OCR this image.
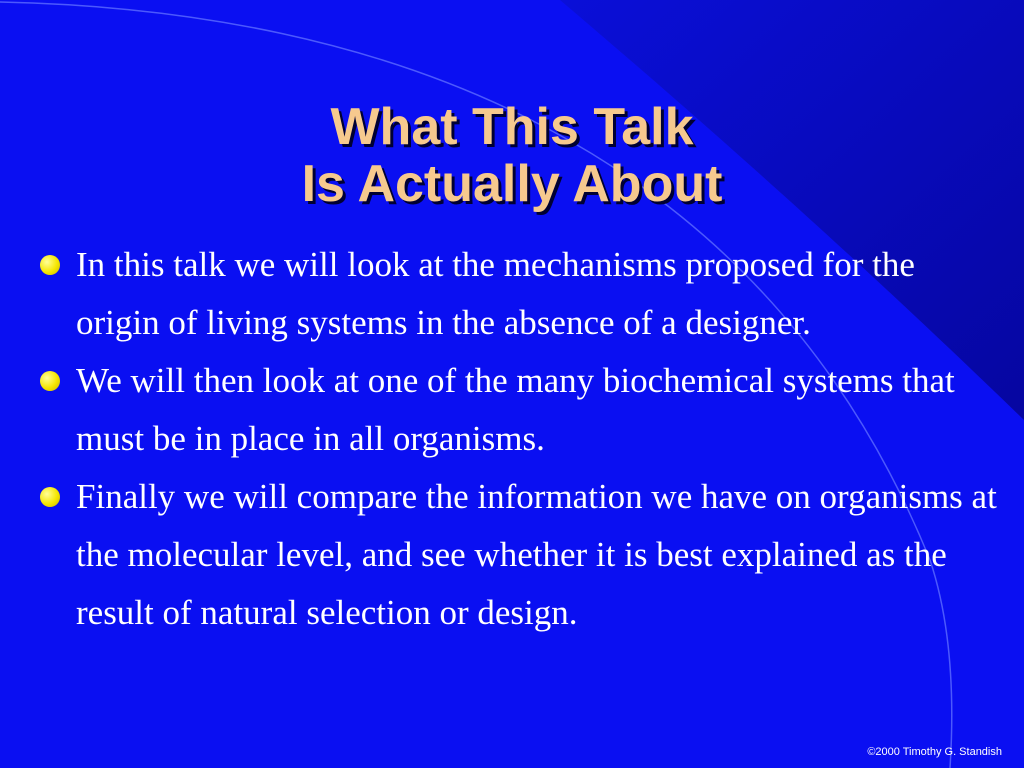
What This Talk
Is Actually About
In this talk we will look at the mechanisms proposed for the origin of living systems in the absence of a designer.
We will then look at one of the many biochemical systems that must be in place in all organisms.
Finally we will compare the information we have on organisms at the molecular level, and see whether it is best explained as the result of natural selection or design.
©2000 Timothy G. Standish
